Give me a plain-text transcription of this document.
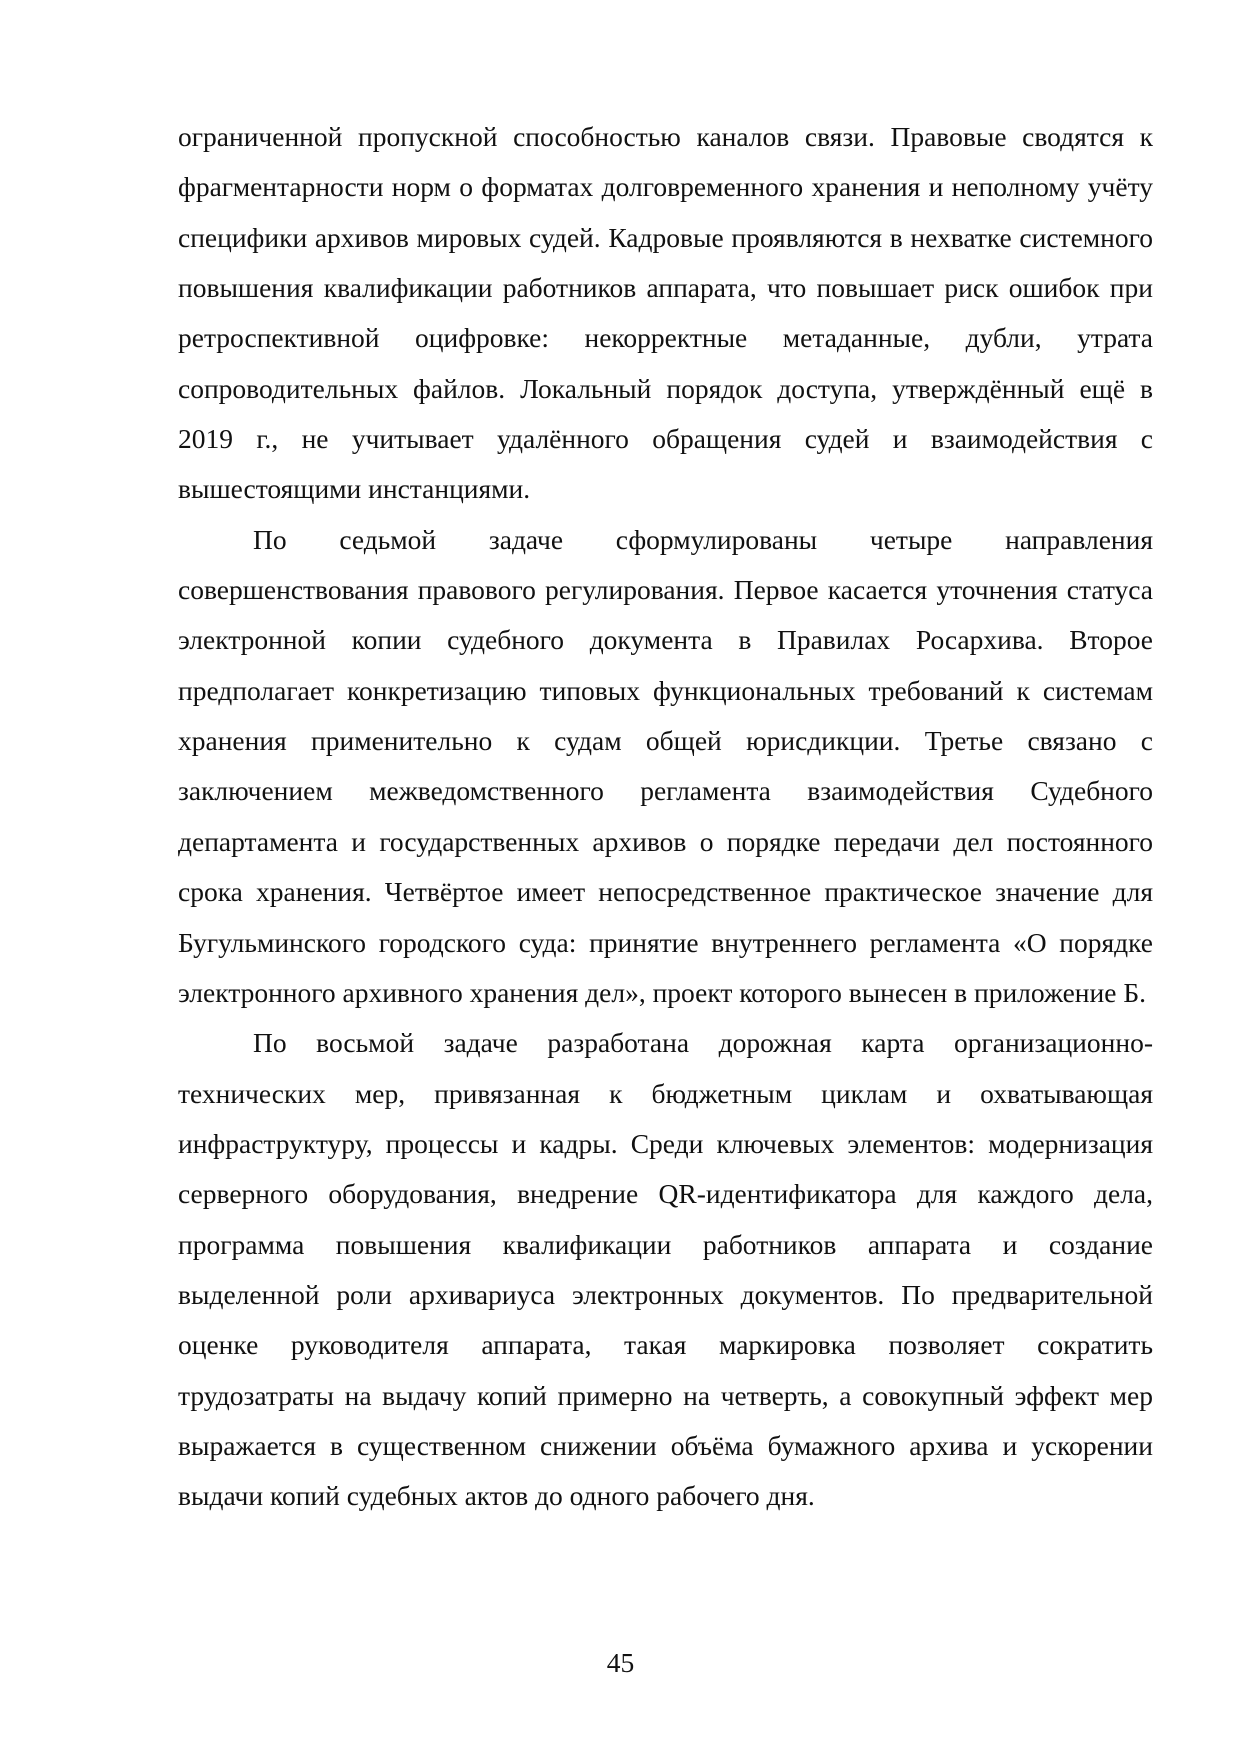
ограниченной пропускной способностью каналов связи. Правовые сводятся к фрагментарности норм о форматах долговременного хранения и неполному учёту специфики архивов мировых судей. Кадровые проявляются в нехватке системного повышения квалификации работников аппарата, что повышает риск ошибок при ретроспективной оцифровке: некорректные метаданные, дубли, утрата сопроводительных файлов. Локальный порядок доступа, утверждённый ещё в 2019 г., не учитывает удалённого обращения судей и взаимодействия с вышестоящими инстанциями.

По седьмой задаче сформулированы четыре направления совершенствования правового регулирования. Первое касается уточнения статуса электронной копии судебного документа в Правилах Росархива. Второе предполагает конкретизацию типовых функциональных требований к системам хранения применительно к судам общей юрисдикции. Третье связано с заключением межведомственного регламента взаимодействия Судебного департамента и государственных архивов о порядке передачи дел постоянного срока хранения. Четвёртое имеет непосредственное практическое значение для Бугульминского городского суда: принятие внутреннего регламента «О порядке электронного архивного хранения дел», проект которого вынесен в приложение Б.

По восьмой задаче разработана дорожная карта организационно-технических мер, привязанная к бюджетным циклам и охватывающая инфраструктуру, процессы и кадры. Среди ключевых элементов: модернизация серверного оборудования, внедрение QR-идентификатора для каждого дела, программа повышения квалификации работников аппарата и создание выделенной роли архивариуса электронных документов. По предварительной оценке руководителя аппарата, такая маркировка позволяет сократить трудозатраты на выдачу копий примерно на четверть, а совокупный эффект мер выражается в существенном снижении объёма бумажного архива и ускорении выдачи копий судебных актов до одного рабочего дня.

45
